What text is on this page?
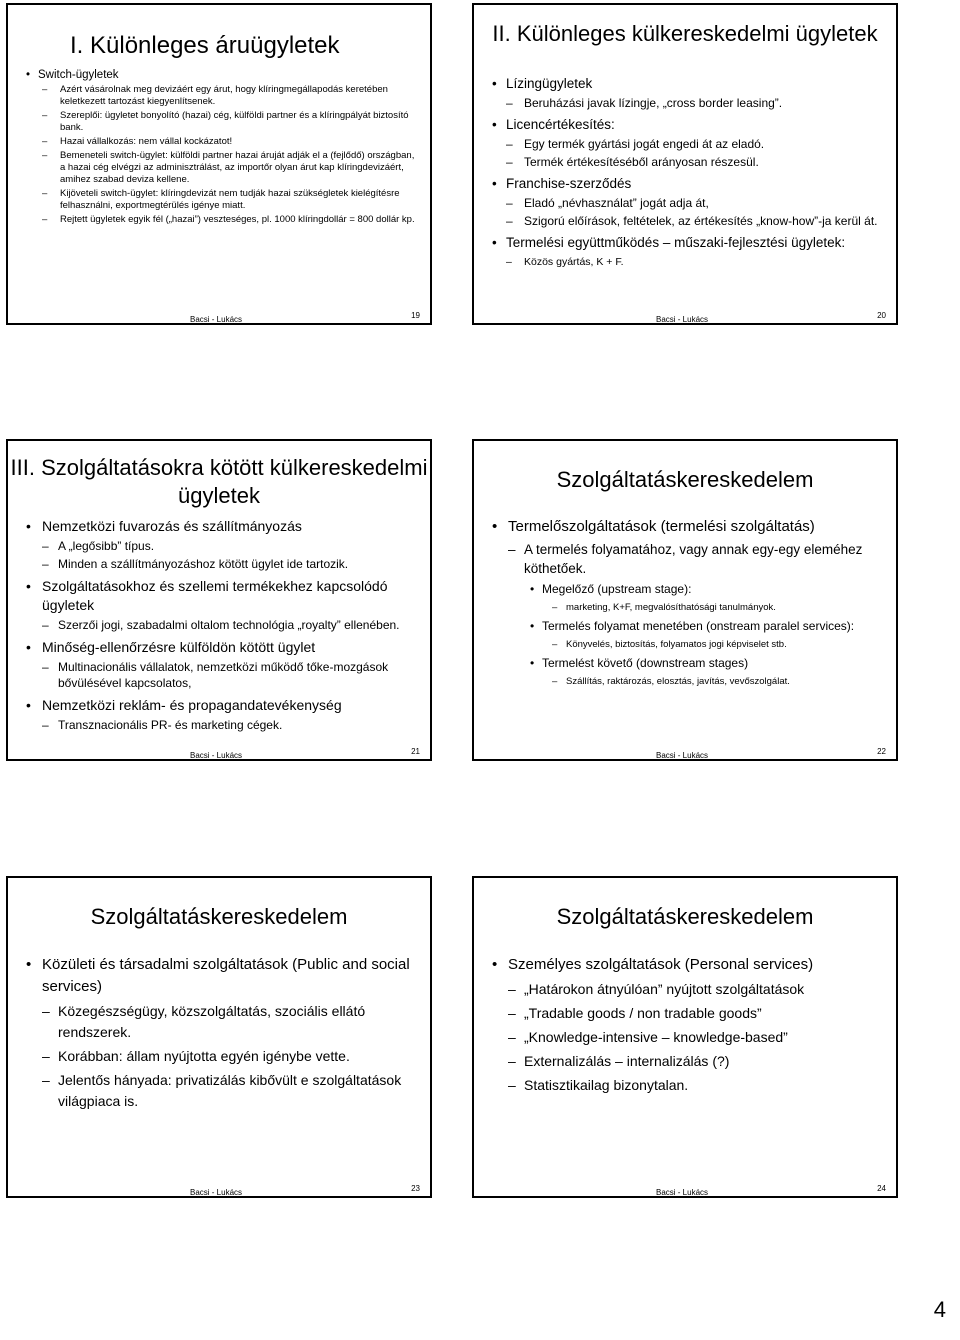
I. Különleges áruügyletek
• Switch-ügyletek
– Azért vásárolnak meg devizáért egy árut, hogy klíringmegállapodás keretében keletkezett tartozást kiegyenlítsenek.
– Szereplői: ügyletet bonyolító (hazai) cég, külföldi partner és a klíringpályát biztosító bank.
– Hazai vállalkozás: nem vállal kockázatot!
– Bemeneteli switch-ügylet: külföldi partner hazai áruját adják el a (fejlődő) országban, a hazai cég elvégzi az adminisztrálást, az importőr olyan árut kap klíringdevizáért, amihez szabad deviza kellene.
– Kijöveteli switch-ügylet: klíringdevizát nem tudják hazai szükségletek kielégítésre felhasználni, exportmegtérülés igénye miatt.
– Rejtett ügyletek egyik fél („hazai”) veszteséges, pl. 1000 klíringdollár = 800 dollár kp.
Bacsi - Lukács	19
II. Különleges külkereskedelmi ügyletek
• Lízingügyletek
– Beruházási javak lízingje, „cross border leasing”.
• Licencértékesítés:
– Egy termék gyártási jogát engedi át az eladó.
– Termék értékesítéséből arányosan részesül.
• Franchise-szerződés
– Eladó „névhasználat” jogát adja át,
– Szigorú előírások, feltételek, az értékesítés „know-how”-ja kerül át.
• Termelési együttműködés – műszaki-fejlesztési ügyletek:
– Közös gyártás, K + F.
Bacsi - Lukács	20
III. Szolgáltatásokra kötött külkereskedelmi ügyletek
• Nemzetközi fuvarozás és szállítmányozás
– A „legősibb” típus.
– Minden a szállítmányozáshoz kötött ügylet ide tartozik.
• Szolgáltatásokhoz és szellemi termékekhez kapcsolódó ügyletek
– Szerzői jogi, szabadalmi oltalom technológia „royalty” ellenében.
• Minőség-ellenőrzésre külföldön kötött ügylet
– Multinacionális vállalatok, nemzetközi működő tőke-mozgások bővülésével kapcsolatos,
• Nemzetközi reklám- és propagandatevékenység
– Transznacionális PR- és marketing cégek.
Bacsi - Lukács	21
Szolgáltatáskereskedelem
• Termelőszolgáltatások (termelési szolgáltatás)
– A termelés folyamatához, vagy annak egy-egy eleméhez köthetőek.
• Megelőző (upstream stage):
– marketing, K+F, megvalósíthatósági tanulmányok.
• Termelés folyamat menetében (onstream paralel services):
– Könyvelés, biztosítás, folyamatos jogi képviselet stb.
• Termelést követő (downstream stages)
– Szállítás, raktározás, elosztás, javítás, vevőszolgálat.
Bacsi - Lukács	22
Szolgáltatáskereskedelem
• Közületi és társadalmi szolgáltatások (Public and social services)
– Közegészségügy, közszolgáltatás, szociális ellátó rendszerek.
– Korábban: állam nyújtotta egyén igénybe vette.
– Jelentős hányada: privatizálás kibővült e szolgáltatások világpiaca is.
Bacsi - Lukács	23
Szolgáltatáskereskedelem
• Személyes szolgáltatások (Personal services)
– „Határokon átnyúlóan” nyújtott szolgáltatások
– „Tradable goods / non tradable goods”
– „Knowledge-intensive – knowledge-based”
– Externalizálás – internalizálás (?)
– Statisztikailag bizonytalan.
Bacsi - Lukács	24
4
